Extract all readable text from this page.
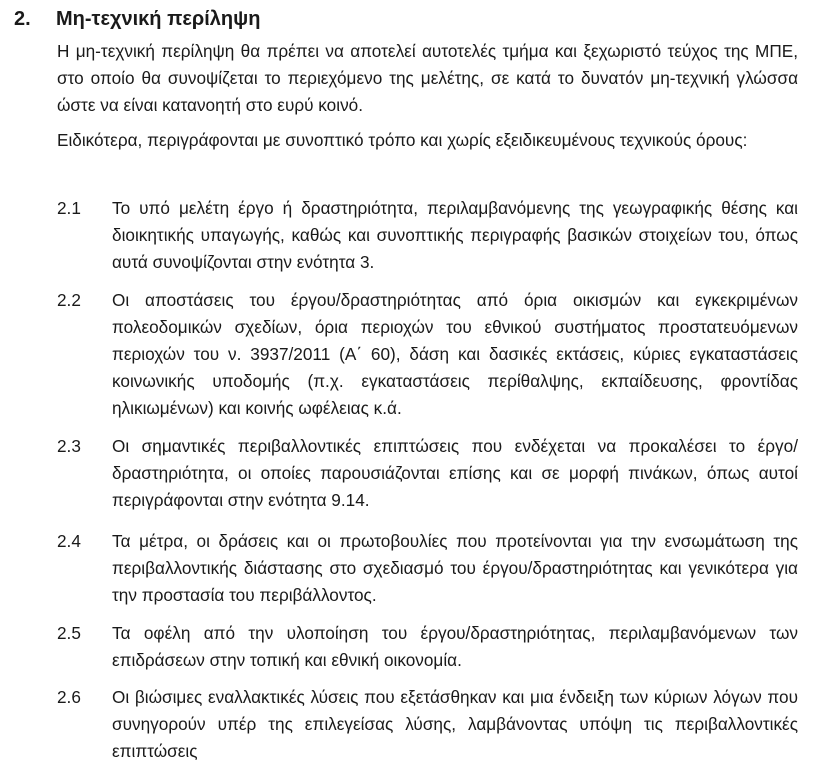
2. Μη-τεχνική περίληψη

Η μη-τεχνική περίληψη θα πρέπει να αποτελεί αυτοτελές τμήμα και ξεχωριστό τεύχος της ΜΠΕ, στο οποίο θα συνοψίζεται το περιεχόμενο της μελέτης, σε κατά το δυνατόν μη-τεχνική γλώσσα ώστε να είναι κατανοητή στο ευρύ κοινό.

Ειδικότερα, περιγράφονται με συνοπτικό τρόπο και χωρίς εξειδικευμένους τεχνικούς όρους:

2.1	Το υπό μελέτη έργο ή δραστηριότητα, περιλαμβανόμενης της γεωγραφικής θέσης και διοικητικής υπαγωγής, καθώς και συνοπτικής περιγραφής βασικών στοιχείων του, όπως αυτά συνοψίζονται στην ενότητα 3.
2.2	Οι αποστάσεις του έργου/δραστηριότητας από όρια οικισμών και εγκεκριμένων πολεοδομικών σχεδίων, όρια περιοχών του εθνικού συστήματος προστατευόμενων περιοχών του ν. 3937/2011 (Α΄ 60), δάση και δασικές εκτάσεις, κύριες εγκαταστάσεις κοινωνικής υποδομής (π.χ. εγκαταστάσεις περίθαλψης, εκπαίδευσης, φροντίδας ηλικιωμένων) και κοινής ωφέλειας κ.ά.
2.3	Οι σημαντικές περιβαλλοντικές επιπτώσεις που ενδέχεται να προκαλέσει το έργο/δραστηριότητα, οι οποίες παρουσιάζονται επίσης και σε μορφή πινάκων, όπως αυτοί περιγράφονται στην ενότητα 9.14.
2.4	Τα μέτρα, οι δράσεις και οι πρωτοβουλίες που προτείνονται για την ενσωμάτωση της περιβαλλοντικής διάστασης στο σχεδιασμό του έργου/δραστηριότητας και γενικότερα για την προστασία του περιβάλλοντος.
2.5	Τα οφέλη από την υλοποίηση του έργου/δραστηριότητας, περιλαμβανόμενων των επιδράσεων στην τοπική και εθνική οικονομία.
2.6	Οι βιώσιμες εναλλακτικές λύσεις που εξετάσθηκαν και μια ένδειξη των κύριων λόγων που συνηγορούν υπέρ της επιλεγείσας λύσης, λαμβάνοντας υπόψη τις περιβαλλοντικές επιπτώσεις
